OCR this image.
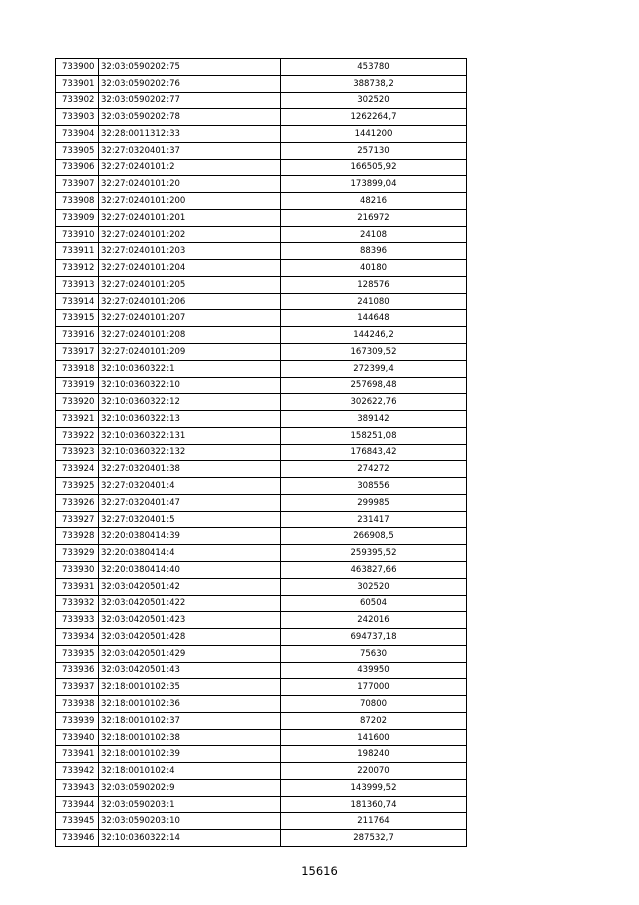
733900	32:03:0590202:75	453780
733901	32:03:0590202:76	388738,2
733902	32:03:0590202:77	302520
733903	32:03:0590202:78	1262264,7
733904	32:28:0011312:33	1441200
733905	32:27:0320401:37	257130
733906	32:27:0240101:2	166505,92
733907	32:27:0240101:20	173899,04
733908	32:27:0240101:200	48216
733909	32:27:0240101:201	216972
733910	32:27:0240101:202	24108
733911	32:27:0240101:203	88396
733912	32:27:0240101:204	40180
733913	32:27:0240101:205	128576
733914	32:27:0240101:206	241080
733915	32:27:0240101:207	144648
733916	32:27:0240101:208	144246,2
733917	32:27:0240101:209	167309,52
733918	32:10:0360322:1	272399,4
733919	32:10:0360322:10	257698,48
733920	32:10:0360322:12	302622,76
733921	32:10:0360322:13	389142
733922	32:10:0360322:131	158251,08
733923	32:10:0360322:132	176843,42
733924	32:27:0320401:38	274272
733925	32:27:0320401:4	308556
733926	32:27:0320401:47	299985
733927	32:27:0320401:5	231417
733928	32:20:0380414:39	266908,5
733929	32:20:0380414:4	259395,52
733930	32:20:0380414:40	463827,66
733931	32:03:0420501:42	302520
733932	32:03:0420501:422	60504
733933	32:03:0420501:423	242016
733934	32:03:0420501:428	694737,18
733935	32:03:0420501:429	75630
733936	32:03:0420501:43	439950
733937	32:18:0010102:35	177000
733938	32:18:0010102:36	70800
733939	32:18:0010102:37	87202
733940	32:18:0010102:38	141600
733941	32:18:0010102:39	198240
733942	32:18:0010102:4	220070
733943	32:03:0590202:9	143999,52
733944	32:03:0590203:1	181360,74
733945	32:03:0590203:10	211764
733946	32:10:0360322:14	287532,7
15616
